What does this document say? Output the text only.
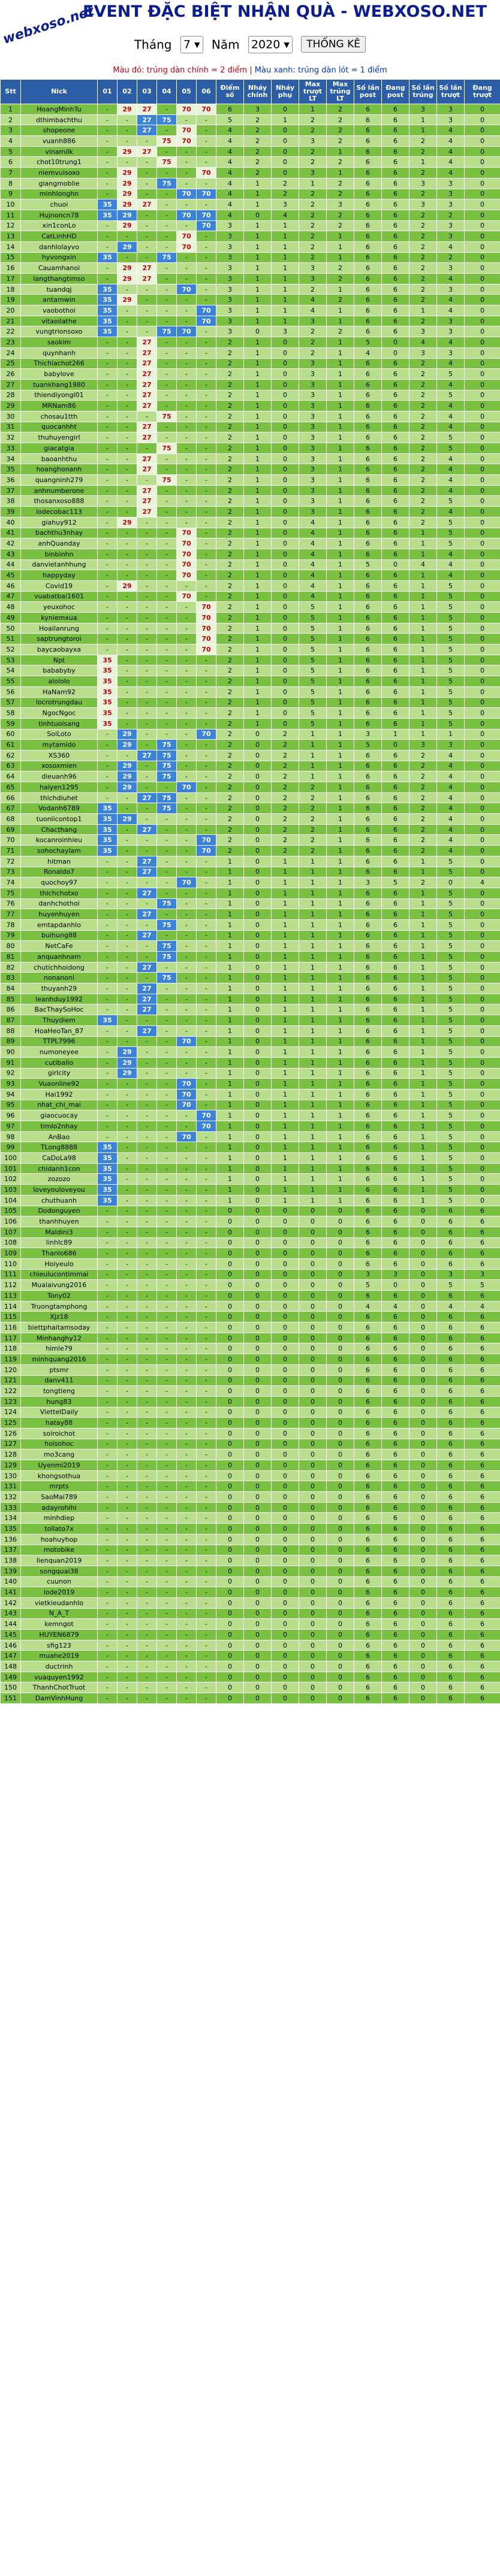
webxoso.net
EVENT ĐẶC BIỆT NHẬN QUÀ - WEBXOSO.NET
Tháng 7 ▾ Năm 2020 ▾ THỐNG KÊ
Màu đỏ: trúng dàn chính = 2 điểm | Màu xanh: trúng dàn lót = 1 điểm
Stt	Nick	01	02	03	04	05	06	Điểm số	Nháy chính	Nháy phụ	Max trượt LT	Max trúng LT	Số lần post	Đang post	Số lần trúng	Số lần trượt	Đang trượt
1	HoangMinhTu	-	29	27	-	70	70	6	3	0	1	2	6	6	3	3	0
2	dthimbachthu	-	-	27	75	-	-	5	2	1	2	2	6	6	1	3	0
3	shopeone	-	-	27	-	70	-	4	2	0	2	2	6	6	1	4	0
4	vuanh886	-	-	-	75	70	-	4	2	0	3	2	6	6	2	4	0
5	vinamilk	-	29	27	-	-	-	4	2	0	2	1	6	6	2	4	0
6	chot10trung1	-	-	-	75	-	-	4	2	0	2	2	6	6	1	4	0
7	niemvuisoxo	-	29	-	-	-	70	4	2	0	3	1	6	6	2	4	0
8	giangmoblie	-	29	-	75	-	-	4	1	2	1	2	6	6	3	3	0
9	minhlonghn	-	29	-	-	70	70	4	1	2	2	2	6	6	2	3	0
10	chuoi	35	29	27	-	-	-	4	1	3	2	3	6	6	3	3	0
11	Hujnoncn78	35	29	-	-	70	70	4	0	4	2	2	6	6	2	2	0
12	xin1conLo	-	29	-	-	-	70	3	1	1	2	2	6	6	2	3	0
13	CatLinhHD	-	-	-	-	70	-	3	1	1	2	1	6	6	2	3	0
14	danhlolayvo	-	29	-	-	70	-	3	1	1	2	1	6	6	2	4	0
15	hyvongxin	35	-	-	75	-	-	3	1	1	2	1	6	6	2	2	0
16	Cauamhanoi	-	29	27	-	-	-	3	1	1	3	2	6	6	2	3	0
17	langthangtimso	-	29	27	-	-	-	3	1	1	3	2	6	6	2	4	0
18	tuandqj	35	-	-	-	70	-	3	1	1	2	1	6	6	2	3	0
19	antamwin	35	29	-	-	-	-	3	1	1	4	2	6	6	2	4	0
20	vaobothoi	35	-	-	-	-	70	3	1	1	4	1	6	6	1	4	0
21	vitaoilathe	35	-	-	-	-	70	3	1	1	3	1	6	6	2	3	0
22	vungtrionsoxo	35	-	-	75	70	-	3	0	3	2	2	6	6	3	3	0
23	saokim	-	-	27	-	-	-	2	1	0	2	1	5	0	4	4	0
24	quynhanh	-	-	27	-	-	-	2	1	0	2	1	4	0	3	3	0
25	Thichlachot266	-	-	27	-	-	-	2	1	0	3	1	6	6	2	4	0
26	babylove	-	-	27	-	-	-	2	1	0	3	1	6	6	2	5	0
27	tuankhang1980	-	-	27	-	-	-	2	1	0	3	1	6	6	2	4	0
28	thiendiyongl01	-	-	27	-	-	-	2	1	0	3	1	6	6	2	5	0
29	MRNam86	-	-	27	-	-	-	2	1	0	3	1	6	6	2	4	0
30	chosau1tth	-	-	-	75	-	-	2	1	0	3	1	6	6	2	4	0
31	quocanhht	-	-	27	-	-	-	2	1	0	3	1	6	6	2	4	0
32	thuhuyengirl	-	-	27	-	-	-	2	1	0	3	1	6	6	2	5	0
33	giacatgia	-	-	-	75	-	-	2	1	0	3	1	6	6	2	5	0
34	baoanhthu	-	-	27	-	-	-	2	1	0	3	1	6	6	2	4	0
35	hoanghonanh	-	-	27	-	-	-	2	1	0	3	1	6	6	2	4	0
36	quangninh279	-	-	-	75	-	-	2	1	0	3	1	6	6	2	4	0
37	anhnumberone	-	-	27	-	-	-	2	1	0	3	1	6	6	2	4	0
38	thosanxoso888	-	-	27	-	-	-	2	1	0	3	1	6	6	2	5	0
39	lodecobac113	-	-	27	-	-	-	2	1	0	3	1	6	6	2	4	0
40	giahuy912	-	29	-	-	-	-	2	1	0	4	1	6	6	2	5	0
41	bachthu3nhay	-	-	-	-	70	-	2	1	0	4	1	6	6	1	5	0
42	anhQuanday	-	-	-	-	70	-	2	1	0	4	1	6	6	1	5	0
43	binbinhn	-	-	-	-	70	-	2	1	0	4	1	6	6	1	4	0
44	danvietanhhung	-	-	-	-	70	-	2	1	0	4	1	5	0	4	4	0
45	happyday	-	-	-	-	70	-	2	1	0	4	1	6	6	1	4	0
46	Covid19	-	29	-	-	-	-	2	1	0	4	1	6	6	1	5	0
47	vuabatbai1601	-	-	-	-	70	-	2	1	0	4	1	6	6	1	5	0
48	yeuxohoc	-	-	-	-	-	70	2	1	0	5	1	6	6	1	5	0
49	kyniemxua	-	-	-	-	-	70	2	1	0	5	1	6	6	1	5	0
50	Hoailanrung	-	-	-	-	-	70	2	1	0	5	1	6	6	1	5	0
51	saptrungtoroi	-	-	-	-	-	70	2	1	0	5	1	6	6	1	5	0
52	baycaobayxa	-	-	-	-	-	70	2	1	0	5	1	6	6	1	5	0
53	Npt	35	-	-	-	-	-	2	1	0	5	1	6	6	1	5	0
54	bababyby	35	-	-	-	-	-	2	1	0	5	1	6	6	1	5	0
55	alololo	35	-	-	-	-	-	2	1	0	5	1	6	6	1	5	0
56	HaNam92	35	-	-	-	-	-	2	1	0	5	1	6	6	1	5	0
57	locrotrungdau	35	-	-	-	-	-	2	1	0	5	1	6	6	1	5	0
58	NgocNgoc	35	-	-	-	-	-	2	1	0	5	1	6	6	1	5	0
59	tinhtuoisang	35	-	-	-	-	-	2	1	0	5	1	6	6	1	5	0
60	SoiLoto	-	29	-	-	-	70	2	0	2	1	1	3	1	1	1	0
61	mytamido	-	29	-	75	-	-	2	0	2	1	1	5	0	3	3	0
62	XS360	-	-	27	75	-	-	2	0	2	1	1	6	6	2	4	0
63	xosoxmien	-	29	-	75	-	-	2	0	2	1	1	6	6	2	4	0
64	dieuanh96	-	29	-	75	-	-	2	0	2	1	1	6	6	2	4	0
65	haiyen1295	-	29	-	-	70	-	2	0	2	2	1	6	6	2	4	0
66	thichdiuhet	-	-	27	75	-	-	2	0	2	2	1	6	6	2	4	0
67	Vodanh6789	35	-	-	75	-	-	2	0	2	2	1	6	6	2	4	0
68	tuonlicontop1	35	29	-	-	-	-	2	0	2	2	1	6	6	2	4	0
69	Chacthang	35	-	27	-	-	-	2	0	2	2	1	6	6	2	4	0
70	kocanroinhieu	35	-	-	-	-	70	2	0	2	2	1	6	6	2	4	0
71	sohochaylam	35	-	-	-	-	70	2	0	2	2	1	6	6	2	4	0
72	hitman	-	-	27	-	-	-	1	0	1	1	1	6	6	1	5	0
73	Ronaldo7	-	-	27	-	-	-	1	0	1	1	1	6	6	1	5	0
74	quochoy97	-	-	-	-	70	-	1	0	1	1	1	3	5	2	0	4
75	thichchotxo	-	-	27	-	-	-	1	0	1	1	1	6	6	1	5	0
76	danhchothoi	-	-	-	75	-	-	1	0	1	1	1	6	6	1	5	0
77	huyenhuyen	-	-	27	-	-	-	1	0	1	1	1	6	6	1	5	0
78	emtapdanhlo	-	-	-	75	-	-	1	0	1	1	1	6	6	1	5	0
79	buihung88	-	-	27	-	-	-	1	0	1	1	1	6	6	1	5	0
80	NetCaFe	-	-	-	75	-	-	1	0	1	1	1	6	6	1	5	0
81	anquanhnam	-	-	-	75	-	-	1	0	1	1	1	6	6	1	5	0
82	chutichhoidong	-	-	27	-	-	-	1	0	1	1	1	6	6	1	5	0
83	nonanoni	-	-	-	75	-	-	1	0	1	1	1	6	6	1	5	0
84	thuyanh29	-	-	27	-	-	-	1	0	1	1	1	6	6	1	5	0
85	leanhduy1992	-	-	27	-	-	-	1	0	1	1	1	6	6	1	5	0
86	BacThaySoHoc	-	-	27	-	-	-	1	0	1	1	1	6	6	1	5	0
87	Thuydiem	35	-	-	-	-	-	1	0	1	1	1	6	6	1	5	0
88	HoaHeoTan_87	-	-	27	-	-	-	1	0	1	1	1	6	6	1	5	0
89	TTPL7996	-	-	-	-	70	-	1	0	1	1	1	6	6	1	5	0
90	numoneyee	-	29	-	-	-	-	1	0	1	1	1	6	6	1	5	0
91	cutiballo	-	29	-	-	-	-	1	0	1	1	1	6	6	1	5	0
92	girlcity	-	29	-	-	-	-	1	0	1	1	1	6	6	1	5	0
93	Vuaonline92	-	-	-	-	70	-	1	0	1	1	1	6	6	1	5	0
94	Hai1992	-	-	-	-	70	-	1	0	1	1	1	6	6	1	5	0
95	nhat_chi_mai	-	-	-	-	70	-	1	0	1	1	1	6	6	1	5	0
96	giaocuocay	-	-	-	-	-	70	1	0	1	1	1	6	6	1	5	0
97	timlo2nhay	-	-	-	-	-	70	1	0	1	1	1	6	6	1	5	0
98	AnBao	-	-	-	-	70	-	1	0	1	1	1	6	6	1	5	0
99	TLong8888	35	-	-	-	-	-	1	0	1	1	1	6	6	1	5	0
100	CaDoLa98	35	-	-	-	-	-	1	0	1	1	1	6	6	1	5	0
101	chidanh1con	35	-	-	-	-	-	1	0	1	1	1	6	6	1	5	0
102	zozozo	35	-	-	-	-	-	1	0	1	1	1	6	6	1	5	0
103	loveyouloveyou	35	-	-	-	-	-	1	0	1	1	1	6	6	1	5	0
104	chuthuanh	35	-	-	-	-	-	1	0	1	1	1	6	6	1	5	0
105	Dodonguyen	-	-	-	-	-	-	0	0	0	0	0	6	6	0	6	6
106	thanhhuyen	-	-	-	-	-	-	0	0	0	0	0	6	6	0	6	6
107	Maldini3	-	-	-	-	-	-	0	0	0	0	0	6	6	0	6	6
108	linhlc89	-	-	-	-	-	-	0	0	0	0	0	6	6	0	6	6
109	Thanlo686	-	-	-	-	-	-	0	0	0	0	0	6	6	0	6	6
110	Hoiyeulo	-	-	-	-	-	-	0	0	0	0	0	6	6	0	6	6
111	chieulucontimmai	-	-	-	-	-	-	0	0	0	0	0	3	3	0	3	3
112	Mualaivung2016	-	-	-	-	-	-	0	0	0	0	0	5	0	0	5	5
113	Tony02	-	-	-	-	-	-	0	0	0	0	0	6	6	0	6	6
114	Truongtamphong	-	-	-	-	-	-	0	0	0	0	0	4	4	0	4	4
115	Xjz18	-	-	-	-	-	-	0	0	0	0	0	6	6	0	6	6
116	biettphaitamsoday	-	-	-	-	-	-	0	0	0	0	0	6	6	0	6	6
117	Minhanghy12	-	-	-	-	-	-	0	0	0	0	0	6	6	0	6	6
118	himle79	-	-	-	-	-	-	0	0	0	0	0	6	6	0	6	6
119	minhquang2016	-	-	-	-	-	-	0	0	0	0	0	6	6	0	6	6
120	ptsmr	-	-	-	-	-	-	0	0	0	0	0	6	6	0	6	6
121	danv411	-	-	-	-	-	-	0	0	0	0	0	6	6	0	6	6
122	tongtieng	-	-	-	-	-	-	0	0	0	0	0	6	6	0	6	6
123	hung83	-	-	-	-	-	-	0	0	0	0	0	6	6	0	6	6
124	ViettelDaily	-	-	-	-	-	-	0	0	0	0	0	6	6	0	6	6
125	hatay88	-	-	-	-	-	-	0	0	0	0	0	6	6	0	6	6
126	soiroichot	-	-	-	-	-	-	0	0	0	0	0	6	6	0	6	6
127	hoisohoc	-	-	-	-	-	-	0	0	0	0	0	6	6	0	6	6
128	mo3cang	-	-	-	-	-	-	0	0	0	0	0	6	6	0	6	6
129	Uyenmi2019	-	-	-	-	-	-	0	0	0	0	0	6	6	0	6	6
130	khongsothua	-	-	-	-	-	-	0	0	0	0	0	6	6	0	6	6
131	mrpts	-	-	-	-	-	-	0	0	0	0	0	6	6	0	6	6
132	SaoMai789	-	-	-	-	-	-	0	0	0	0	0	6	6	0	6	6
133	adayrohihi	-	-	-	-	-	-	0	0	0	0	0	6	6	0	6	6
134	minhdiep	-	-	-	-	-	-	0	0	0	0	0	6	6	0	6	6
135	tollato7x	-	-	-	-	-	-	0	0	0	0	0	6	6	0	6	6
136	hoahuyhop	-	-	-	-	-	-	0	0	0	0	0	6	6	0	6	6
137	motobike	-	-	-	-	-	-	0	0	0	0	0	6	6	0	6	6
138	lienquan2019	-	-	-	-	-	-	0	0	0	0	0	6	6	0	6	6
139	songquai38	-	-	-	-	-	-	0	0	0	0	0	6	6	0	6	6
140	cuunon	-	-	-	-	-	-	0	0	0	0	0	6	6	0	6	6
141	lode2019	-	-	-	-	-	-	0	0	0	0	0	6	6	0	6	6
142	vietkieudanhlo	-	-	-	-	-	-	0	0	0	0	0	6	6	0	6	6
143	N_A_T	-	-	-	-	-	-	0	0	0	0	0	6	6	0	6	6
144	kemngot	-	-	-	-	-	-	0	0	0	0	0	6	6	0	6	6
145	HUYEN6879	-	-	-	-	-	-	0	0	0	0	0	6	6	0	6	6
146	sfig123	-	-	-	-	-	-	0	0	0	0	0	6	6	0	6	6
147	muahe2019	-	-	-	-	-	-	0	0	0	0	0	6	6	0	6	6
148	ductrinh	-	-	-	-	-	-	0	0	0	0	0	6	6	0	6	6
149	vuaquyen1992	-	-	-	-	-	-	0	0	0	0	0	6	6	0	6	6
150	ThanhChotTruot	-	-	-	-	-	-	0	0	0	0	0	6	6	0	6	6
151	DamVinhHung	-	-	-	-	-	-	0	0	0	0	0	6	6	0	6	6
